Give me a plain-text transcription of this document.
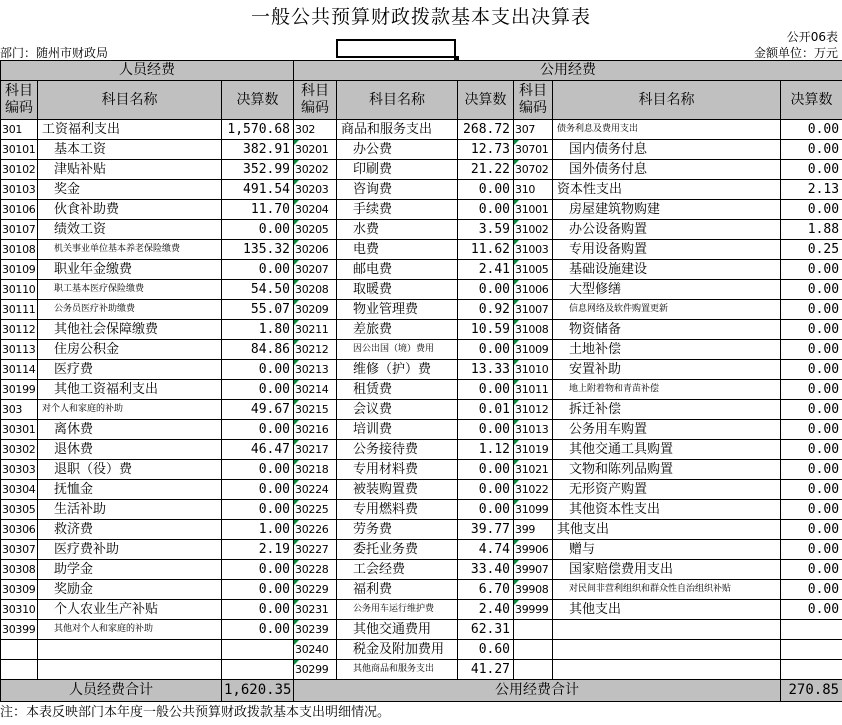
一般公共预算财政拨款基本支出决算表
公开06表
部门：随州市财政局	金额单位：万元
人员经费			公用经费					
科目编码	科目名称	决算数	科目编码	科目名称	决算数	科目编码	科目名称	决算数
301	工资福利支出	1,570.68	302	商品和服务支出	268.72	307	债务利息及费用支出	0.00
30101	基本工资	382.91	30201	办公费	12.73	30701	国内债务付息	0.00
30102	津贴补贴	352.99	30202	印刷费	21.22	30702	国外债务付息	0.00
30103	奖金	491.54	30203	咨询费	0.00	310	资本性支出	2.13
30106	伙食补助费	11.70	30204	手续费	0.00	31001	房屋建筑物购建	0.00
30107	绩效工资	0.00	30205	水费	3.59	31002	办公设备购置	1.88
30108	机关事业单位基本养老保险缴费	135.32	30206	电费	11.62	31003	专用设备购置	0.25
30109	职业年金缴费	0.00	30207	邮电费	2.41	31005	基础设施建设	0.00
30110	职工基本医疗保险缴费	54.50	30208	取暖费	0.00	31006	大型修缮	0.00
30111	公务员医疗补助缴费	55.07	30209	物业管理费	0.92	31007	信息网络及软件购置更新	0.00
30112	其他社会保障缴费	1.80	30211	差旅费	10.59	31008	物资储备	0.00
30113	住房公积金	84.86	30212	因公出国（境）费用	0.00	31009	土地补偿	0.00
30114	医疗费	0.00	30213	维修（护）费	13.33	31010	安置补助	0.00
30199	其他工资福利支出	0.00	30214	租赁费	0.00	31011	地上附着物和青苗补偿	0.00
303	对个人和家庭的补助	49.67	30215	会议费	0.01	31012	拆迁补偿	0.00
30301	离休费	0.00	30216	培训费	0.00	31013	公务用车购置	0.00
30302	退休费	46.47	30217	公务接待费	1.12	31019	其他交通工具购置	0.00
30303	退职（役）费	0.00	30218	专用材料费	0.00	31021	文物和陈列品购置	0.00
30304	抚恤金	0.00	30224	被装购置费	0.00	31022	无形资产购置	0.00
30305	生活补助	0.00	30225	专用燃料费	0.00	31099	其他资本性支出	0.00
30306	救济费	1.00	30226	劳务费	39.77	399	其他支出	0.00
30307	医疗费补助	2.19	30227	委托业务费	4.74	39906	赠与	0.00
30308	助学金	0.00	30228	工会经费	33.40	39907	国家赔偿费用支出	0.00
30309	奖励金	0.00	30229	福利费	6.70	39908	对民间非营利组织和群众性自治组织补贴	0.00
30310	个人农业生产补贴	0.00	30231	公务用车运行维护费	2.40	39999	其他支出	0.00
30399	其他对个人和家庭的补助	0.00	30239	其他交通费用	62.31			
			30240	税金及附加费用	0.60			
			30299	其他商品和服务支出	41.27			
人员经费合计		1,620.35	公用经费合计					270.85
注：本表反映部门本年度一般公共预算财政拨款基本支出明细情况。
